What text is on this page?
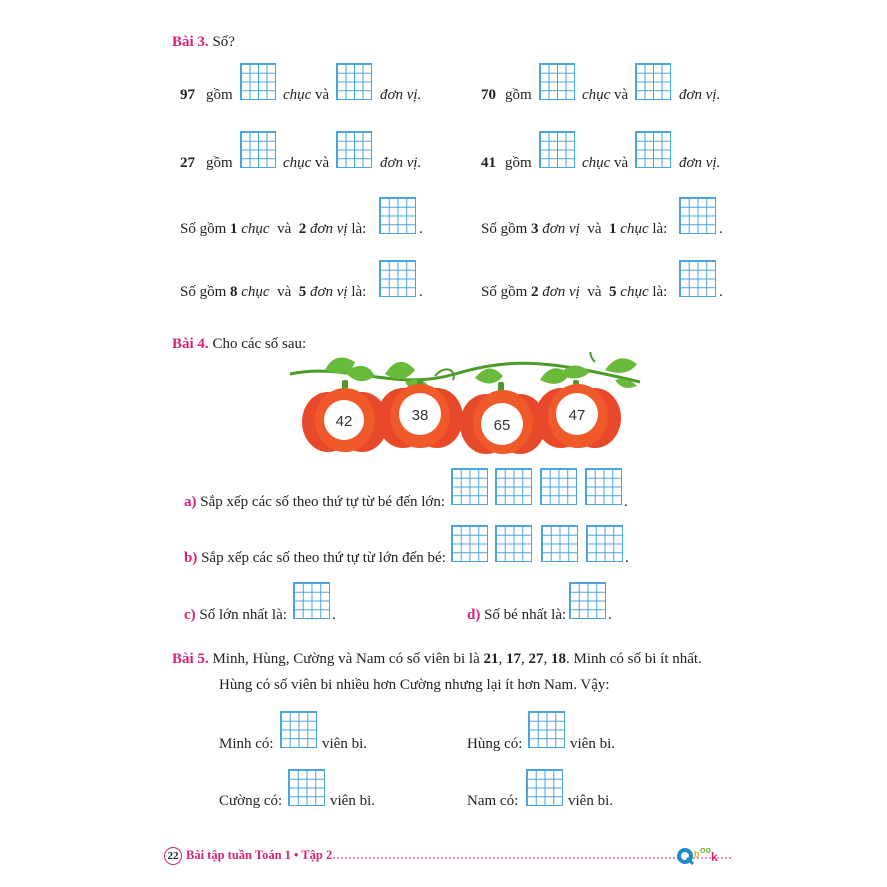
Bài 3. Số?
97 gồm	chục và	đơn vị.	70 gồm	chục và	đơn vị.
27 gồm	chục và	đơn vị.	41 gồm	chục và	đơn vị.
Số gồm 1 chục và 2 đơn vị là:	.	Số gồm 3 đơn vị và 1 chục là:	.
Số gồm 8 chục và 5 đơn vị là:	.	Số gồm 2 đơn vị và 5 chục là:	.
Bài 4. Cho các số sau:
42	38
65
47
a) Sắp xếp các số theo thứ tự từ bé đến lớn:	.
b) Sắp xếp các số theo thứ tự từ lớn đến bé:	.
c) Số lớn nhất là:	.	d) Số bé nhất là:	.
Bài 5. Minh, Hùng, Cường và Nam có số viên bi là 21, 17, 27, 18. Minh có số bi ít nhất.
Hùng có số viên bi nhiều hơn Cường nhưng lại ít hơn Nam. Vậy:
Minh có:	viên bi.	Hùng có:	viên bi.
Cường có:	viên bi.	Nam có:	viên bi.
22 Bài tập tuần Toán 1 • Tập 2	b oo k
